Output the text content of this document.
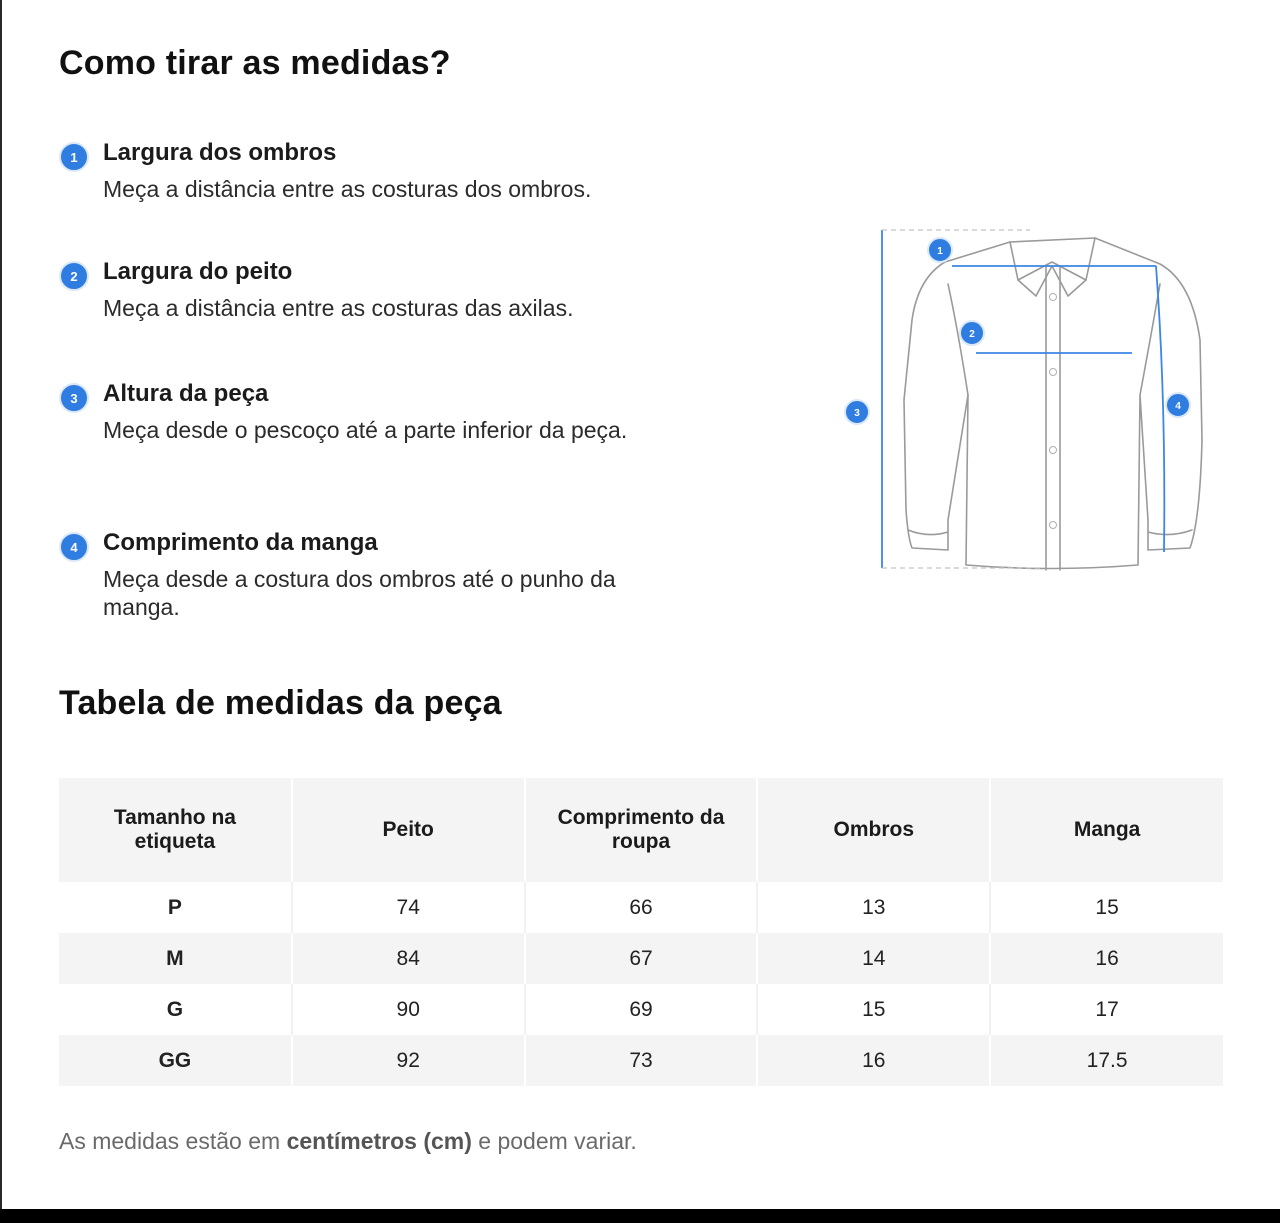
Como tirar as medidas?
1	Largura dos ombros
Meça a distância entre as costuras dos ombros.
2	Largura do peito
Meça a distância entre as costuras das axilas.
3	Altura da peça
Meça desde o pescoço até a parte inferior da peça.
4	Comprimento da manga
Meça desde a costura dos ombros até o punho da manga.
1
2
3
4
Tabela de medidas da peça
Tamanho na etiqueta	Peito	Comprimento da roupa	Ombros	Manga
P	74	66	13	15
M	84	67	14	16
G	90	69	15	17
GG	92	73	16	17.5
As medidas estão em centímetros (cm) e podem variar.
